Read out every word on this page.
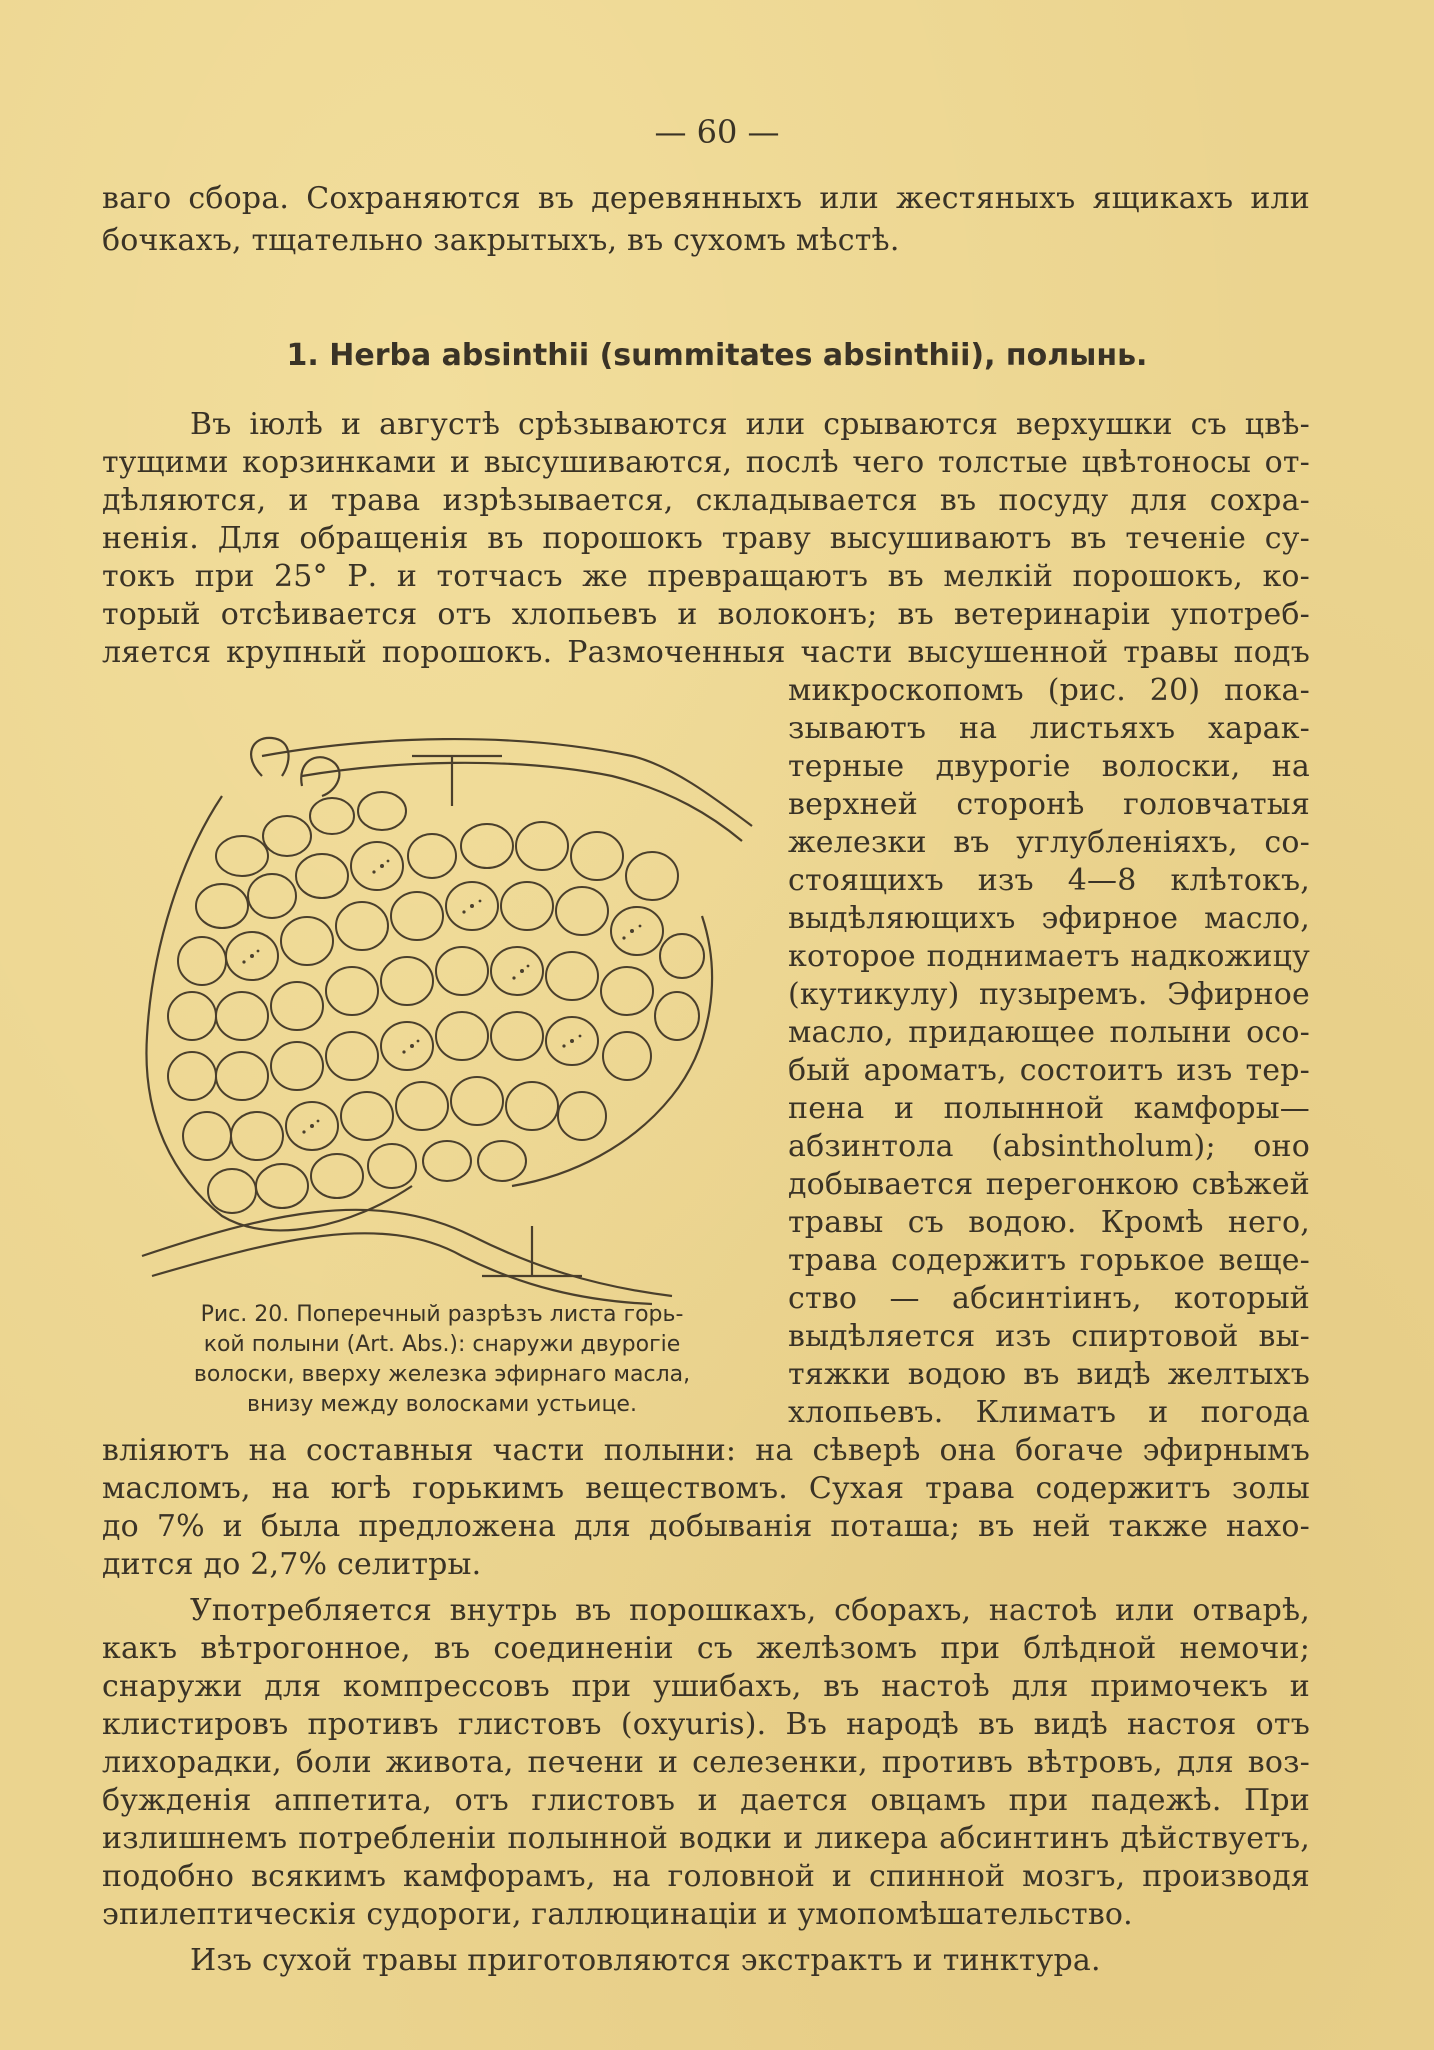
— 60 —
ваго сбора. Сохраняются въ деревянныхъ или жестяныхъ ящикахъ или
бочкахъ, тщательно закрытыхъ, въ сухомъ мѣстѣ.
1. Herba absinthii (summitates absinthii), полынь.
Въ іюлѣ и августѣ срѣзываются или срываются верхушки съ цвѣ-
тущими корзинками и высушиваются, послѣ чего толстые цвѣтоносы от-
дѣляются, и трава изрѣзывается, складывается въ посуду для сохра-
ненія. Для обращенія въ порошокъ траву высушиваютъ въ теченіе су-
токъ при 25° Р. и тотчасъ же превращаютъ въ мелкій порошокъ, ко-
торый отсѣивается отъ хлопьевъ и волоконъ; въ ветеринаріи употреб-
ляется крупный порошокъ. Размоченныя части высушенной травы подъ
микроскопомъ (рис. 20) пока-
зываютъ на листьяхъ харак-
терные двурогіе волоски, на
верхней сторонѣ головчатыя
железки въ углубленіяхъ, со-
стоящихъ изъ 4—8 клѣтокъ,
выдѣляющихъ эфирное масло,
которое поднимаетъ надкожицу
(кутикулу) пузыремъ. Эфирное
масло, придающее полыни осо-
бый ароматъ, состоитъ изъ тер-
пена и полынной камфоры—
абзинтола (absintholum); оно
добывается перегонкою свѣжей
травы съ водою. Кромѣ него,
трава содержитъ горькое веще-
ство — абсинтіинъ, который
выдѣляется изъ спиртовой вы-
тяжки водою въ видѣ желтыхъ
хлопьевъ. Климатъ и погода
вліяютъ на составныя части полыни: на сѣверѣ она богаче эфирнымъ
масломъ, на югѣ горькимъ веществомъ. Сухая трава содержитъ золы
до 7% и была предложена для добыванія поташа; въ ней также нахо-
дится до 2,7% селитры.
Употребляется внутрь въ порошкахъ, сборахъ, настоѣ или отварѣ,
какъ вѣтрогонное, въ соединеніи съ желѣзомъ при блѣдной немочи;
снаружи для компрессовъ при ушибахъ, въ настоѣ для примочекъ и
клистировъ противъ глистовъ (oxyuris). Въ народѣ въ видѣ настоя отъ
лихорадки, боли живота, печени и селезенки, противъ вѣтровъ, для воз-
бужденія аппетита, отъ глистовъ и дается овцамъ при падежѣ. При
излишнемъ потребленіи полынной водки и ликера абсинтинъ дѣйствуетъ,
подобно всякимъ камфорамъ, на головной и спинной мозгъ, производя
эпилептическія судороги, галлюцинаціи и умопомѣшательство.
Изъ сухой травы приготовляются экстрактъ и тинктура.
Рис. 20. Поперечный разрѣзъ листа горь-
кой полыни (Art. Abs.): снаружи двурогіе
волоски, вверху железка эфирнаго масла,
внизу между волосками устьице.
